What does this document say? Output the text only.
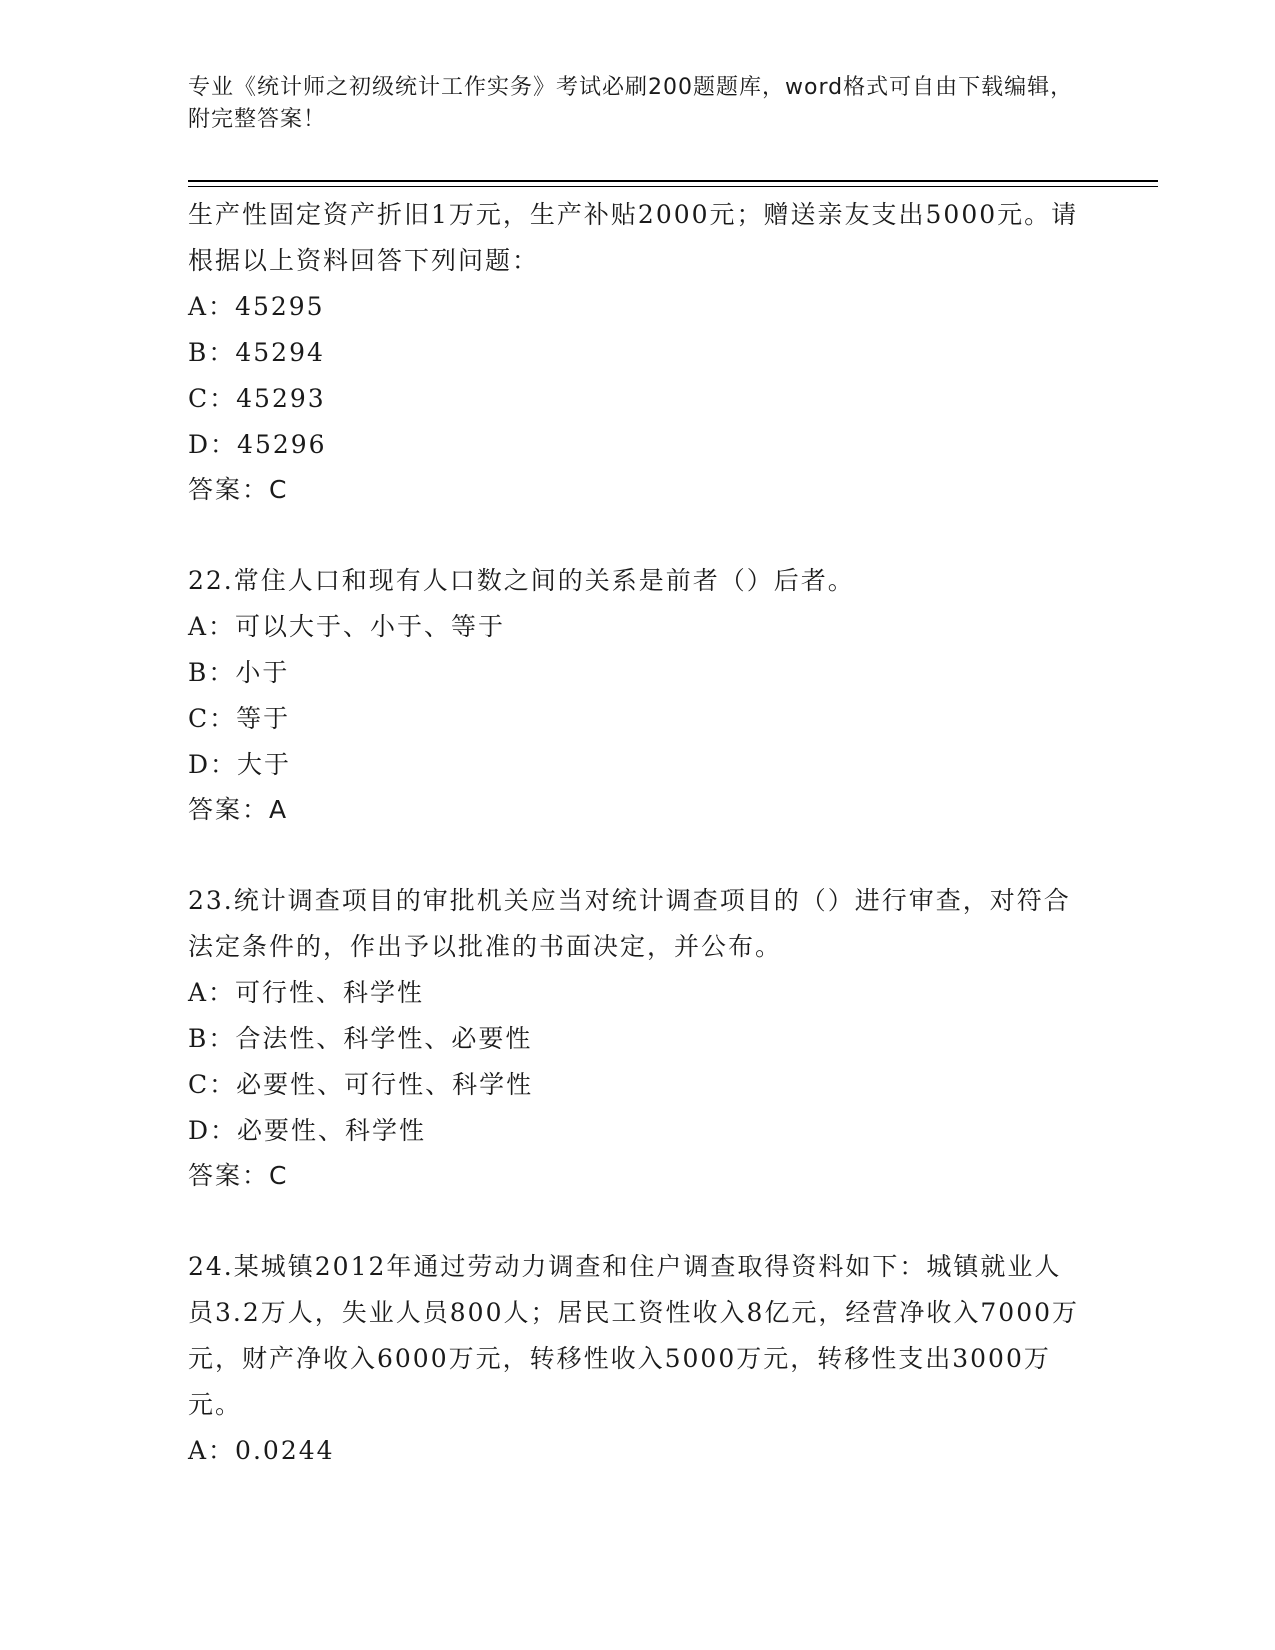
专业《统计师之初级统计工作实务》考试必刷200题题库，word格式可自由下载编辑，附完整答案！

生产性固定资产折旧1万元，生产补贴2000元；赠送亲友支出5000元。请根据以上资料回答下列问题：

A：45295

B：45294

C：45293

D：45296

答案：C

22.常住人口和现有人口数之间的关系是前者（）后者。

A：可以大于、小于、等于

B：小于

C：等于

D：大于

答案：A

23.统计调查项目的审批机关应当对统计调查项目的（）进行审查，对符合法定条件的，作出予以批准的书面决定，并公布。

A：可行性、科学性

B：合法性、科学性、必要性

C：必要性、可行性、科学性

D：必要性、科学性

答案：C

24.某城镇2012年通过劳动力调查和住户调查取得资料如下：城镇就业人员3.2万人，失业人员800人；居民工资性收入8亿元，经营净收入7000万元，财产净收入6000万元，转移性收入5000万元，转移性支出3000万元。

A：0.0244
